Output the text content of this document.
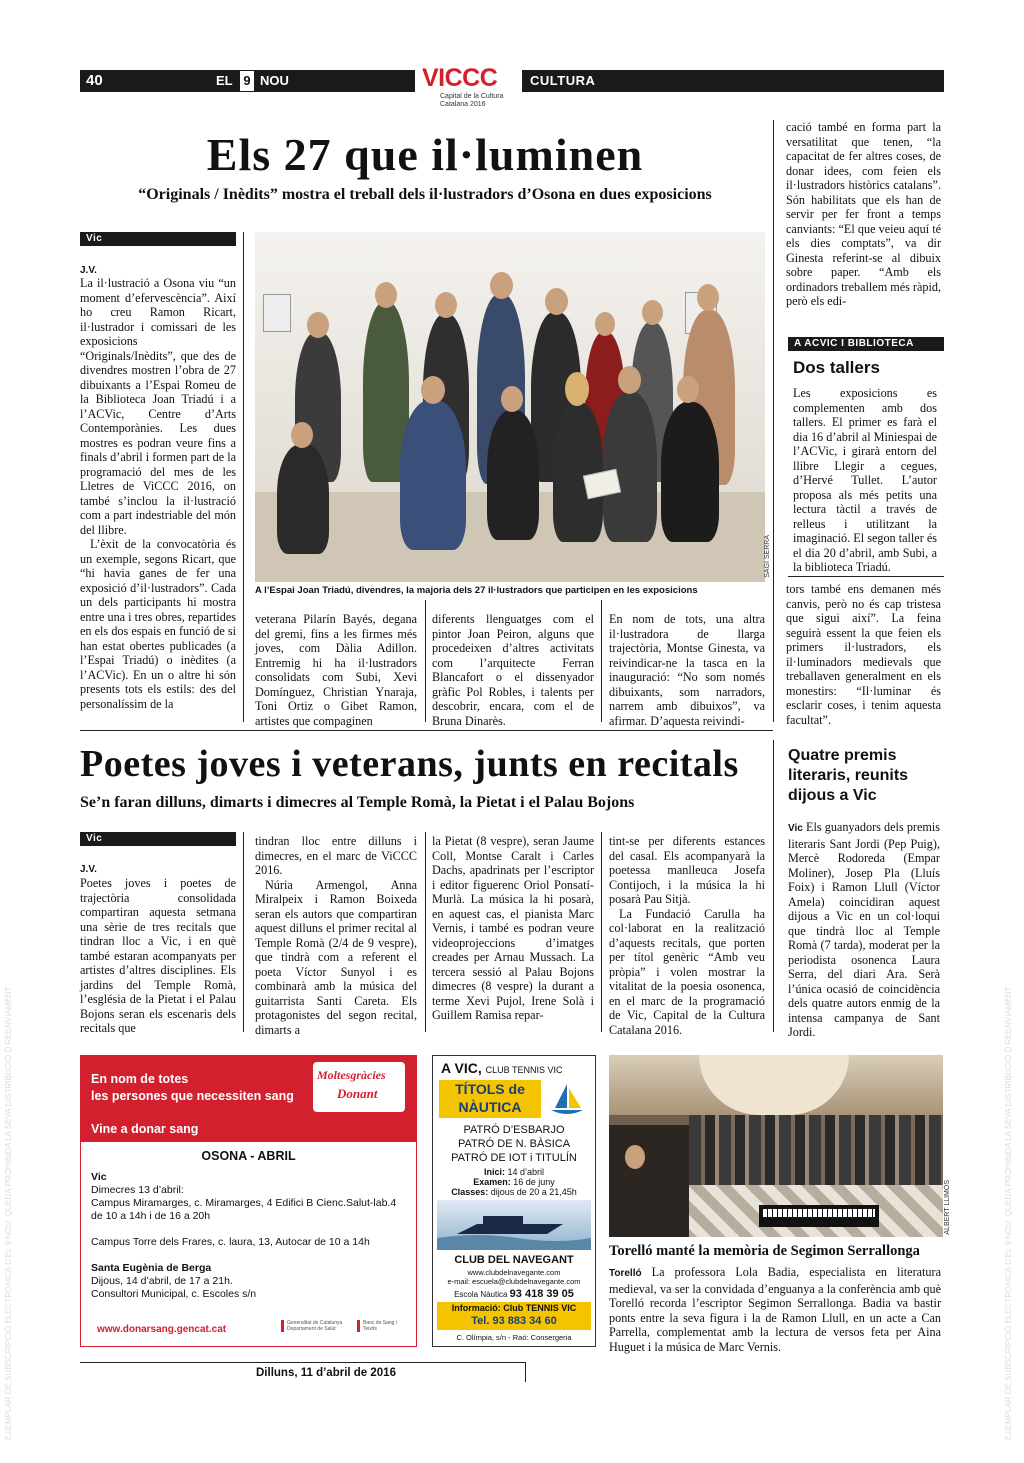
EXEMPLAR DE SUBSCRIPCIÓ ELECTRÒNICA D’EL 9 NOU. QUEDA PROHIBIDA LA SEVA DISTRIBUCIÓ O REENVIAMENT	EXEMPLAR DE SUBSCRIPCIÓ ELECTRÒNICA D’EL 9 NOU. QUEDA PROHIBIDA LA SEVA DISTRIBUCIÓ O REENVIAMENT
40	EL 9 NOU	CULTURA
VICCC
Capital de la Cultura
Catalana 2016
Els 27 que il·luminen
“Originals / Inèdits” mostra el treball dels il·lustradors d’Osona en dues exposicions
Vic
J.V.

La il·lustració a Osona viu “un moment d’efervescència”. Així ho creu Ramon Ricart, il·lustrador i comissari de les exposicions “Originals/Inèdits”, que des de divendres mostren l’obra de 27 dibuixants a l’Espai Romeu de la Biblioteca Joan Triadú i a l’ACVic, Centre d’Arts Contemporànies. Les dues mostres es podran veure fins a finals d’abril i formen part de la programació del mes de les Lletres de ViCCC 2016, on també s’inclou la il·lustració com a part indestriable del món del llibre.

L’èxit de la convocatòria és un exemple, segons Ricart, que “hi havia ganes de fer una exposició d’il·lustradors”. Cada un dels participants hi mostra entre una i tres obres, repartides en els dos espais en funció de si han estat obertes publicades (a l’Espai Triadú) o inèdites (a l’ACVic). En un o altre hi són presents tots els estils: des del personalíssim de la

A l’Espai Joan Triadú, divendres, la majoria dels 27 il·lustradors que participen en les exposicions
SAGI SERRA
veterana Pilarín Bayés, degana del gremi, fins a les firmes més joves, com Dàlia Adillon. Entremig hi ha il·lustradors consolidats com Subi, Xevi Domínguez, Christian Ynaraja, Toni Ortiz o Gibet Ramon, artistes que compaginen
diferents llenguatges com el pintor Joan Peiron, alguns que procedeixen d’altres activitats com l’arquitecte Ferran Blancafort o el dissenyador gràfic Pol Robles, i talents per descobrir, encara, com el de Bruna Dinarès.
En nom de tots, una altra il·lustradora de llarga trajectòria, Montse Ginesta, va reivindicar-ne la tasca en la inauguració: “No som només dibuixants, som narradors, narrem amb dibuixos”, va afirmar. D’aquesta reivindi-
cació també en forma part la versatilitat que tenen, “la capacitat de fer altres coses, de donar idees, com feien els il·lustradors històrics catalans”. Són habilitats que els han de servir per fer front a temps canviants: “El que veieu aquí té els dies comptats”, va dir Ginesta referint-se al dibuix sobre paper. “Amb els ordinadors treballem més ràpid, però els edi-
A ACVIC I BIBLIOTECA
Dos tallers
Les exposicions es complementen amb dos tallers. El primer es farà el dia 16 d’abril al Miniespai de l’ACVic, i girarà entorn del llibre Llegir a cegues, d’Hervé Tullet. L’autor proposa als més petits una lectura tàctil a través de relleus i utilitzant la imaginació. El segon taller és el dia 20 d’abril, amb Subi, a la biblioteca Triadú.
tors també ens demanen més canvis, però no és cap tristesa que sigui així”. La feina seguirà essent la que feien els primers il·lustradors, els il·luminadors medievals que treballaven generalment en els monestirs: “Il·luminar és esclarir coses, i tenim aquesta facultat”.
Poetes joves i veterans, junts en recitals
Se’n faran dilluns, dimarts i dimecres al Temple Romà, la Pietat i el Palau Bojons
Vic
J.V.
Poetes joves i poetes de trajectòria consolidada compartiran aquesta setmana una sèrie de tres recitals que tindran lloc a Vic, i en què també estaran acompanyats per artistes d’altres disciplines. Els jardins del Temple Romà, l’església de la Pietat i el Palau Bojons seran els escenaris dels recitals que

tindran lloc entre dilluns i dimecres, en el marc de ViCCC 2016.

Núria Armengol, Anna Miralpeix i Ramon Boixeda seran els autors que compartiran aquest dilluns el primer recital al Temple Romà (2/4 de 9 vespre), que tindrà com a referent el poeta Víctor Sunyol i es combinarà amb la música del guitarrista Santi Careta. Els protagonistes del segon recital, dimarts a

la Pietat (8 vespre), seran Jaume Coll, Montse Caralt i Carles Dachs, apadrinats per l’escriptor i editor figuerenc Oriol Ponsatí-Murlà. La música la hi posarà, en aquest cas, el pianista Marc Vernis, i també es podran veure videoprojeccions d’imatges creades per Arnau Mussach. La tercera sessió al Palau Bojons dimecres (8 vespre) la durant a terme Xevi Pujol, Irene Solà i Guillem Ramisa repar-

tint-se per diferents estances del casal. Els acompanyarà la poetessa manlleuca Josefa Contijoch, i la música la hi posarà Pau Sitjà.

La Fundació Carulla ha col·laborat en la realització d’aquests recitals, que porten per títol genèric “Amb veu pròpia” i volen mostrar la vitalitat de la poesia osonenca, en el marc de la programació de Vic, Capital de la Cultura Catalana 2016.

Quatre premis literaris, reunits dijous a Vic

Vic Els guanyadors dels premis literaris Sant Jordi (Pep Puig), Mercè Rodoreda (Empar Moliner), Josep Pla (Lluís Foix) i Ramon Llull (Víctor Amela) coincidiran aquest dijous a Vic en un col·loqui que tindrà lloc al Temple Romà (7 tarda), moderat per la periodista osonenca Laura Serra, del diari Ara. Serà l’única ocasió de coincidència dels quatre autors enmig de la intensa campanya de Sant Jordi.

En nom de totes
les persones que necessiten sang
Vine a donar sang
Moltesgràcies
Donant
OSONA - ABRIL
Vic
Dimecres 13 d’abril:
Campus Miramarges, c. Miramarges, 4 Edifici B Cienc.Salut-lab.4 de 10 a 14h i de 16 a 20h
Campus Torre dels Frares, c. laura, 13, Autocar de 10 a 14h
Santa Eugènia de Berga
Dijous, 14 d’abril, de 17 a 21h.
Consultori Municipal, c. Escoles s/n
www.donarsang.gencat.cat
Generalitat de Catalunya Departament de Salut
Banc de Sang i Teixits
A VIC, CLUB TENNIS VIC
TÍTOLS de
NÀUTICA
PATRÓ D’ESBARJO
PATRÓ DE N. BÀSICA
PATRÓ DE IOT i TITULÍN
Inici: 14 d’abril
Examen: 16 de juny
Classes: dijous de 20 a 21,45h
CLUB DEL NAVEGANT
www.clubdelnavegante.com
e-mail: escuela@clubdelnavegante.com
Escola Nàutica 93 418 39 05
Informació: Club TENNIS VIC
Tel. 93 883 34 60
C. Olímpia, s/n - Raó: Consergeria
ALBERT LLIMÓS
Torelló manté la memòria de Segimon Serrallonga

Torelló La professora Lola Badia, especialista en literatura medieval, va ser la convidada d’enguanya a la conferència amb què Torelló recorda l’escriptor Segimon Serrallonga. Badia va bastir ponts entre la seva figura i la de Ramon Llull, en un acte a Can Parrella, complementat amb la lectura de versos feta per Aina Huguet i la música de Marc Vernis.

Dilluns, 11 d’abril de 2016
